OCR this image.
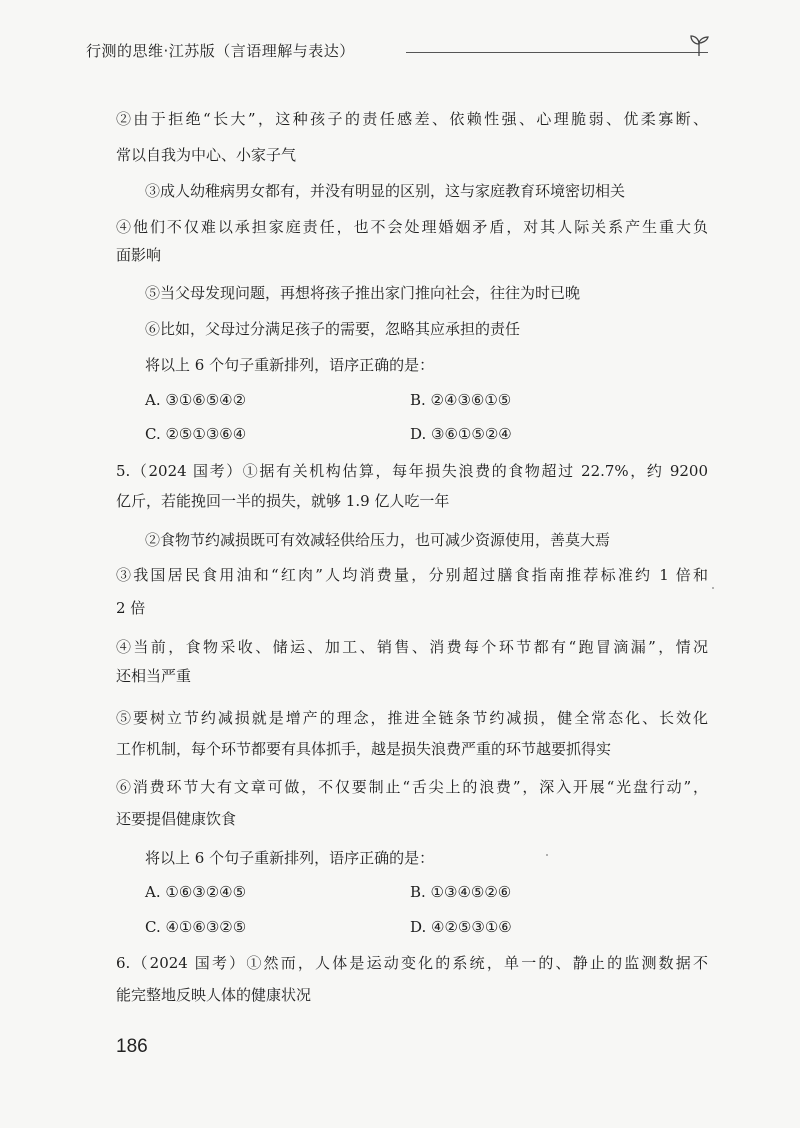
行测的思维·江苏版（言语理解与表达）
②由于拒绝“长大”，这种孩子的责任感差、依赖性强、心理脆弱、优柔寡断、
常以自我为中心、小家子气
③成人幼稚病男女都有，并没有明显的区别，这与家庭教育环境密切相关
④他们不仅难以承担家庭责任，也不会处理婚姻矛盾，对其人际关系产生重大负
面影响
⑤当父母发现问题，再想将孩子推出家门推向社会，往往为时已晚
⑥比如，父母过分满足孩子的需要，忽略其应承担的责任
将以上 6 个句子重新排列，语序正确的是：
A. ③①⑥⑤④②	B. ②④③⑥①⑤
C. ②⑤①③⑥④	D. ③⑥①⑤②④
5.（2024 国考）①据有关机构估算，每年损失浪费的食物超过 22.7%，约 9200
亿斤，若能挽回一半的损失，就够 1.9 亿人吃一年
②食物节约减损既可有效减轻供给压力，也可减少资源使用，善莫大焉
③我国居民食用油和“红肉”人均消费量，分别超过膳食指南推荐标准约 1 倍和
2 倍
④当前，食物采收、储运、加工、销售、消费每个环节都有“跑冒滴漏”，情况
还相当严重
⑤要树立节约减损就是增产的理念，推进全链条节约减损，健全常态化、长效化
工作机制，每个环节都要有具体抓手，越是损失浪费严重的环节越要抓得实
⑥消费环节大有文章可做，不仅要制止“舌尖上的浪费”，深入开展“光盘行动”，
还要提倡健康饮食
将以上 6 个句子重新排列，语序正确的是：
A. ①⑥③②④⑤	B. ①③④⑤②⑥
C. ④①⑥③②⑤	D. ④②⑤③①⑥
6.（2024 国考）①然而，人体是运动变化的系统，单一的、静止的监测数据不
能完整地反映人体的健康状况
186
